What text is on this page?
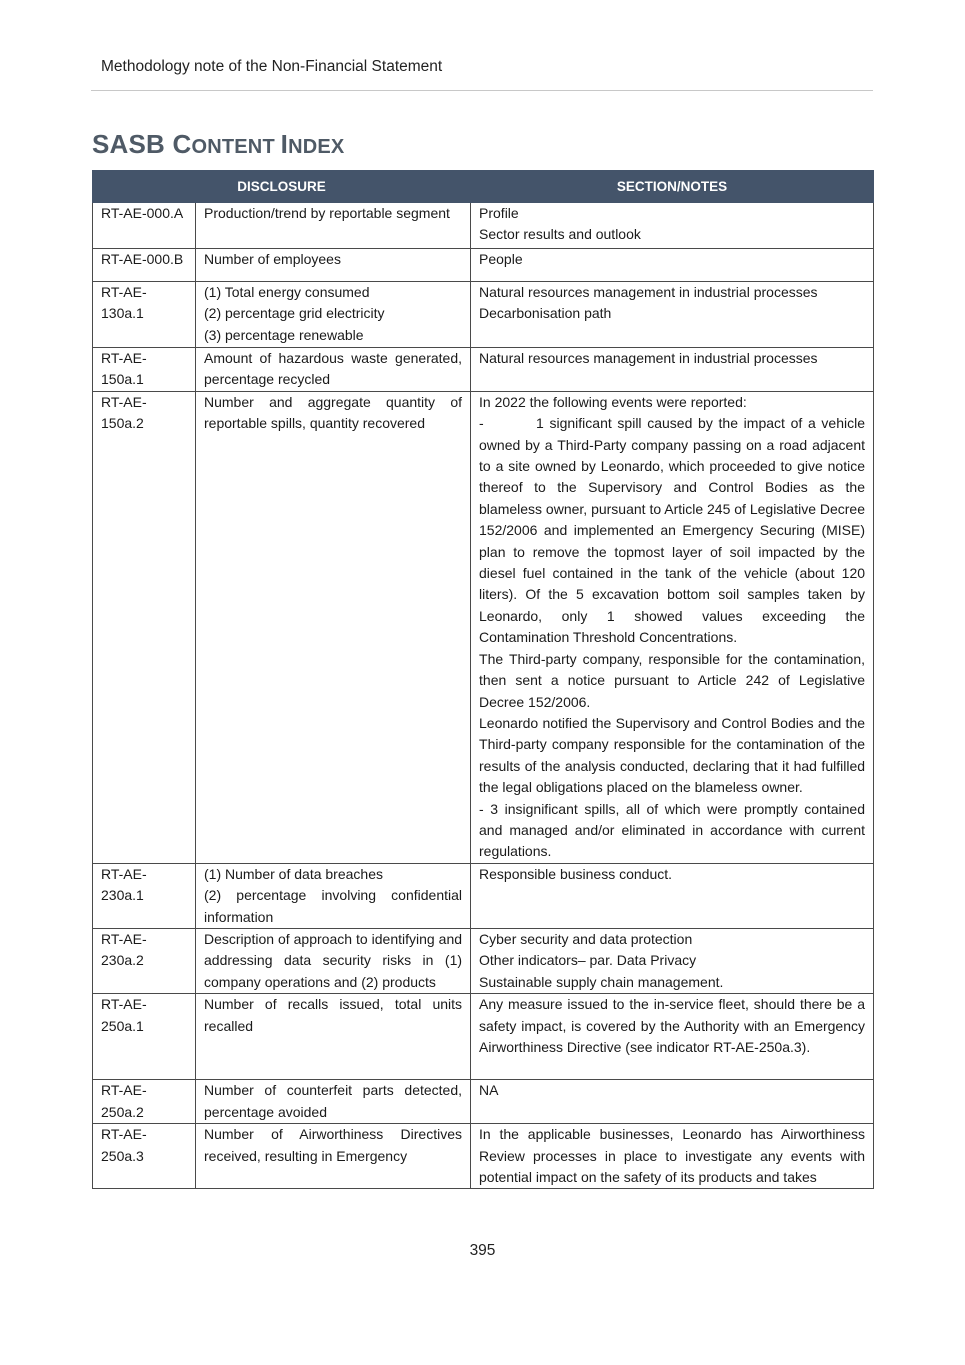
Methodology note of the Non-Financial Statement
SASB CONTENT INDEX
DISCLOSURE		SECTION/NOTES
RT-AE-000.A	Production/trend by reportable segment	Profile
Sector results and outlook

RT-AE-000.B	Number of employees	People

RT-AE-130a.1	(1) Total energy consumed
(2) percentage grid electricity
(3) percentage renewable	Natural resources management in industrial processes
Decarbonisation path

RT-AE-150a.1	Amount of hazardous waste generated, percentage recycled	Natural resources management in industrial processes

RT-AE-150a.2	Number and aggregate quantity of reportable spills, quantity recovered	In 2022 the following events were reported:
- 1 significant spill caused by the impact of a vehicle owned by a Third-Party company passing on a road adjacent to a site owned by Leonardo, which proceeded to give notice thereof to the Supervisory and Control Bodies as the blameless owner, pursuant to Article 245 of Legislative Decree 152/2006 and implemented an Emergency Securing (MISE) plan to remove the topmost layer of soil impacted by the diesel fuel contained in the tank of the vehicle (about 120 liters). Of the 5 excavation bottom soil samples taken by Leonardo, only 1 showed values exceeding the Contamination Threshold Concentrations.
The Third-party company, responsible for the contamination, then sent a notice pursuant to Article 242 of Legislative Decree 152/2006.
Leonardo notified the Supervisory and Control Bodies and the Third-party company responsible for the contamination of the results of the analysis conducted, declaring that it had fulfilled the legal obligations placed on the blameless owner.
- 3 insignificant spills, all of which were promptly contained and managed and/or eliminated in accordance with current regulations.

RT-AE-230a.1	(1) Number of data breaches
(2) percentage involving confidential information	Responsible business conduct.

RT-AE-230a.2	Description of approach to identifying and addressing data security risks in (1) company operations and (2) products	Cyber security and data protection
Other indicators– par. Data Privacy
Sustainable supply chain management.

RT-AE-250a.1	Number of recalls issued, total units recalled	Any measure issued to the in-service fleet, should there be a safety impact, is covered by the Authority with an Emergency Airworthiness Directive (see indicator RT-AE-250a.3).
RT-AE-250a.2	Number of counterfeit parts detected, percentage avoided	NA

RT-AE-250a.3	Number of Airworthiness Directives received, resulting in Emergency	In the applicable businesses, Leonardo has Airworthiness Review processes in place to investigate any events with potential impact on the safety of its products and takes
395
